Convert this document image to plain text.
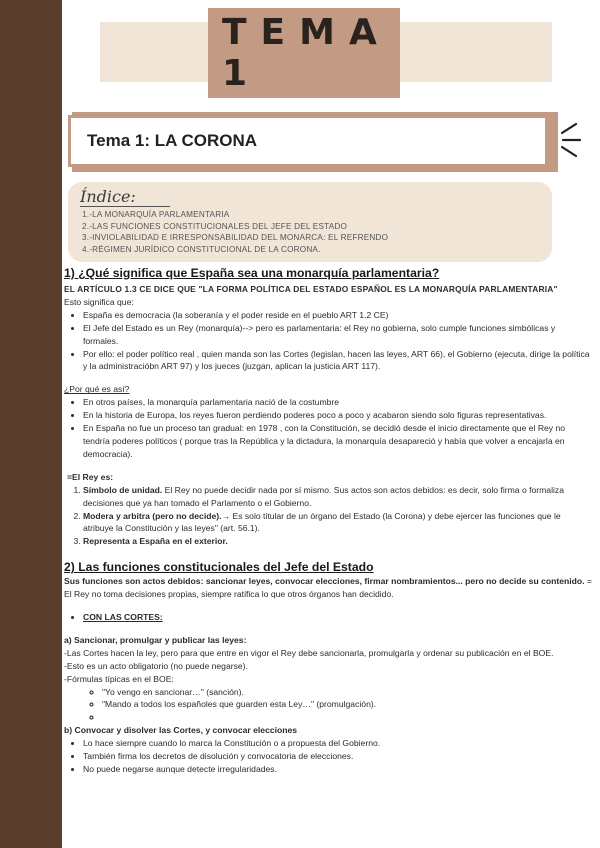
TEMA 1
Tema 1: LA CORONA
Índice:
1.-LA MONARQUÍA PARLAMENTARIA
2.-LAS FUNCIONES CONSTITUCIONALES DEL JEFE DEL ESTADO
3.-INVIOLABILIDAD E IRRESPONSABILIDAD DEL MONARCA: EL REFRENDO
4.-RÉGIMEN JURÍDICO CONSTITUCIONAL DE LA CORONA.
1) ¿Qué significa que España sea una monarquía parlamentaria?
EL ARTÍCULO 1.3 CE DICE QUE "LA FORMA POLÍTICA DEL ESTADO ESPAÑOL ES LA MONARQUÍA PARLAMENTARIA"

Esto significa que:

• España es democracia (la soberanía y el poder reside en el pueblo ART 1.2 CE)
• El Jefe del Estado es un Rey (monarquía)--> pero es parlamentaria: el Rey no gobierna, solo cumple funciones simbólicas y formales.
• Por ello: el poder político real , quien manda son las Cortes (legislan, hacen las leyes, ART 66), el Gobierno (ejecuta, dirige la política y la administracióbn ART 97) y los jueces (juzgan, aplican la justicia ART 117).

¿Por qué es así?

• En otros países, la monarquía parlamentaria nació de la costumbre
• En la historia de Europa, los reyes fueron perdiendo poderes poco a poco y acabaron siendo solo figuras representativas.
• En España no fue un proceso tan gradual: en 1978 , con la Constitución, se decidió desde el inicio directamente que el Rey no tendría poderes políticos ( porque tras la República y la dictadura, la monarquía desapareció y había que volver a encajarla en democracia).

=El Rey es:

1. Símbolo de unidad. El Rey no puede decidir nada por sí mismo. Sus actos son actos debidos: es decir, solo firma o formaliza decisiones que ya han tomado el Parlamento o el Gobierno.
2. Modera y arbitra (pero no decide).→ Es solo titular de un órgano del Estado (la Corona) y debe ejercer las funciones que le atribuye la Constitución y las leyes" (art. 56.1).
3. Representa a España en el exterior.
2) Las funciones constitucionales del Jefe del Estado

Sus funciones son actos debidos: sancionar leyes, convocar elecciones, firmar nombramientos... pero no decide su contenido. = El Rey no toma decisiones propias, siempre ratifica lo que otros órganos han decidido.

• CON LAS CORTES:

a) Sancionar, promulgar y publicar las leyes:

-Las Cortes hacen la ley, pero para que entre en vigor el Rey debe sancionarla, promulgarla y ordenar su publicación en el BOE.

-Esto es un acto obligatorio (no puede negarse).

-Fórmulas típicas en el BOE:

◦ "Yo vengo en sancionar…" (sanción).
◦ "Mando a todos los españoles que guarden esta Ley…" (promulgación).
◦

b) Convocar y disolver las Cortes, y convocar elecciones

• Lo hace siempre cuando lo marca la Constitución o a propuesta del Gobierno.
• También firma los decretos de disolución y convocatoria de elecciones.
• No puede negarse aunque detecte irregularidades.
